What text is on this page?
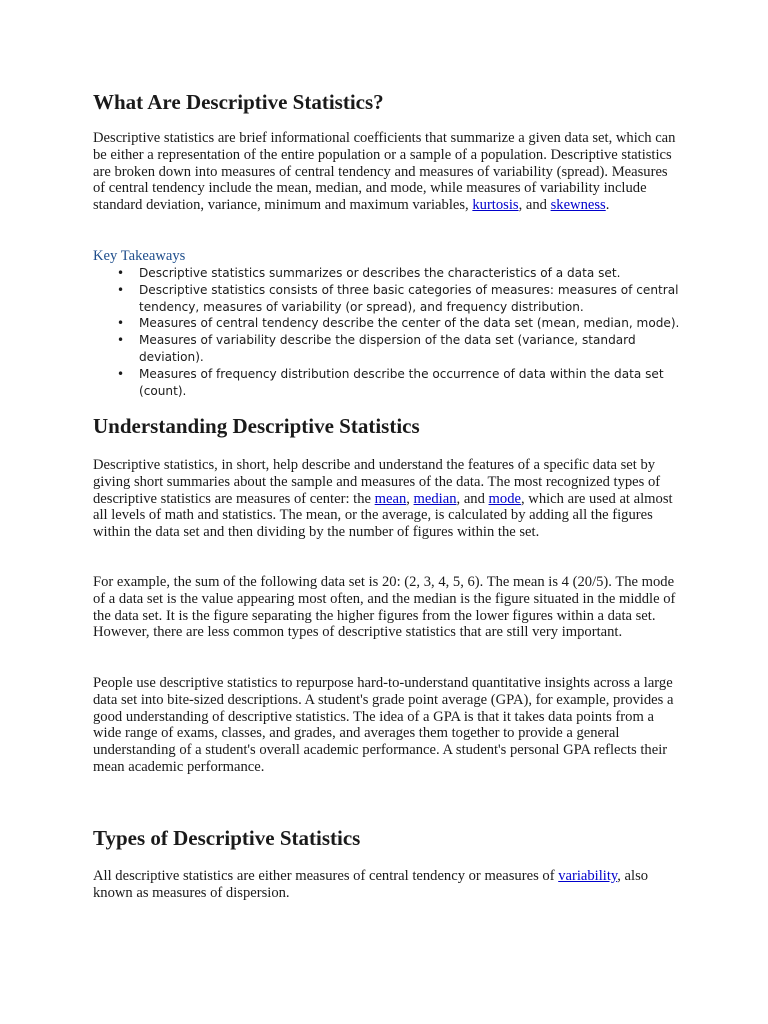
What Are Descriptive Statistics?

Descriptive statistics are brief informational coefficients that summarize a given data set, which can be either a representation of the entire population or a sample of a population. Descriptive statistics are broken down into measures of central tendency and measures of variability (spread). Measures of central tendency include the mean, median, and mode, while measures of variability include standard deviation, variance, minimum and maximum variables, kurtosis, and skewness.

Key Takeaways
• Descriptive statistics summarizes or describes the characteristics of a data set.
• Descriptive statistics consists of three basic categories of measures: measures of central tendency, measures of variability (or spread), and frequency distribution.
• Measures of central tendency describe the center of the data set (mean, median, mode).
• Measures of variability describe the dispersion of the data set (variance, standard deviation).
• Measures of frequency distribution describe the occurrence of data within the data set (count).
Understanding Descriptive Statistics

Descriptive statistics, in short, help describe and understand the features of a specific data set by giving short summaries about the sample and measures of the data. The most recognized types of descriptive statistics are measures of center: the mean, median, and mode, which are used at almost all levels of math and statistics. The mean, or the average, is calculated by adding all the figures within the data set and then dividing by the number of figures within the set.

For example, the sum of the following data set is 20: (2, 3, 4, 5, 6). The mean is 4 (20/5). The mode of a data set is the value appearing most often, and the median is the figure situated in the middle of the data set. It is the figure separating the higher figures from the lower figures within a data set. However, there are less common types of descriptive statistics that are still very important.

People use descriptive statistics to repurpose hard-to-understand quantitative insights across a large data set into bite-sized descriptions. A student's grade point average (GPA), for example, provides a good understanding of descriptive statistics. The idea of a GPA is that it takes data points from a wide range of exams, classes, and grades, and averages them together to provide a general understanding of a student's overall academic performance. A student's personal GPA reflects their mean academic performance.

Types of Descriptive Statistics

All descriptive statistics are either measures of central tendency or measures of variability, also known as measures of dispersion.
